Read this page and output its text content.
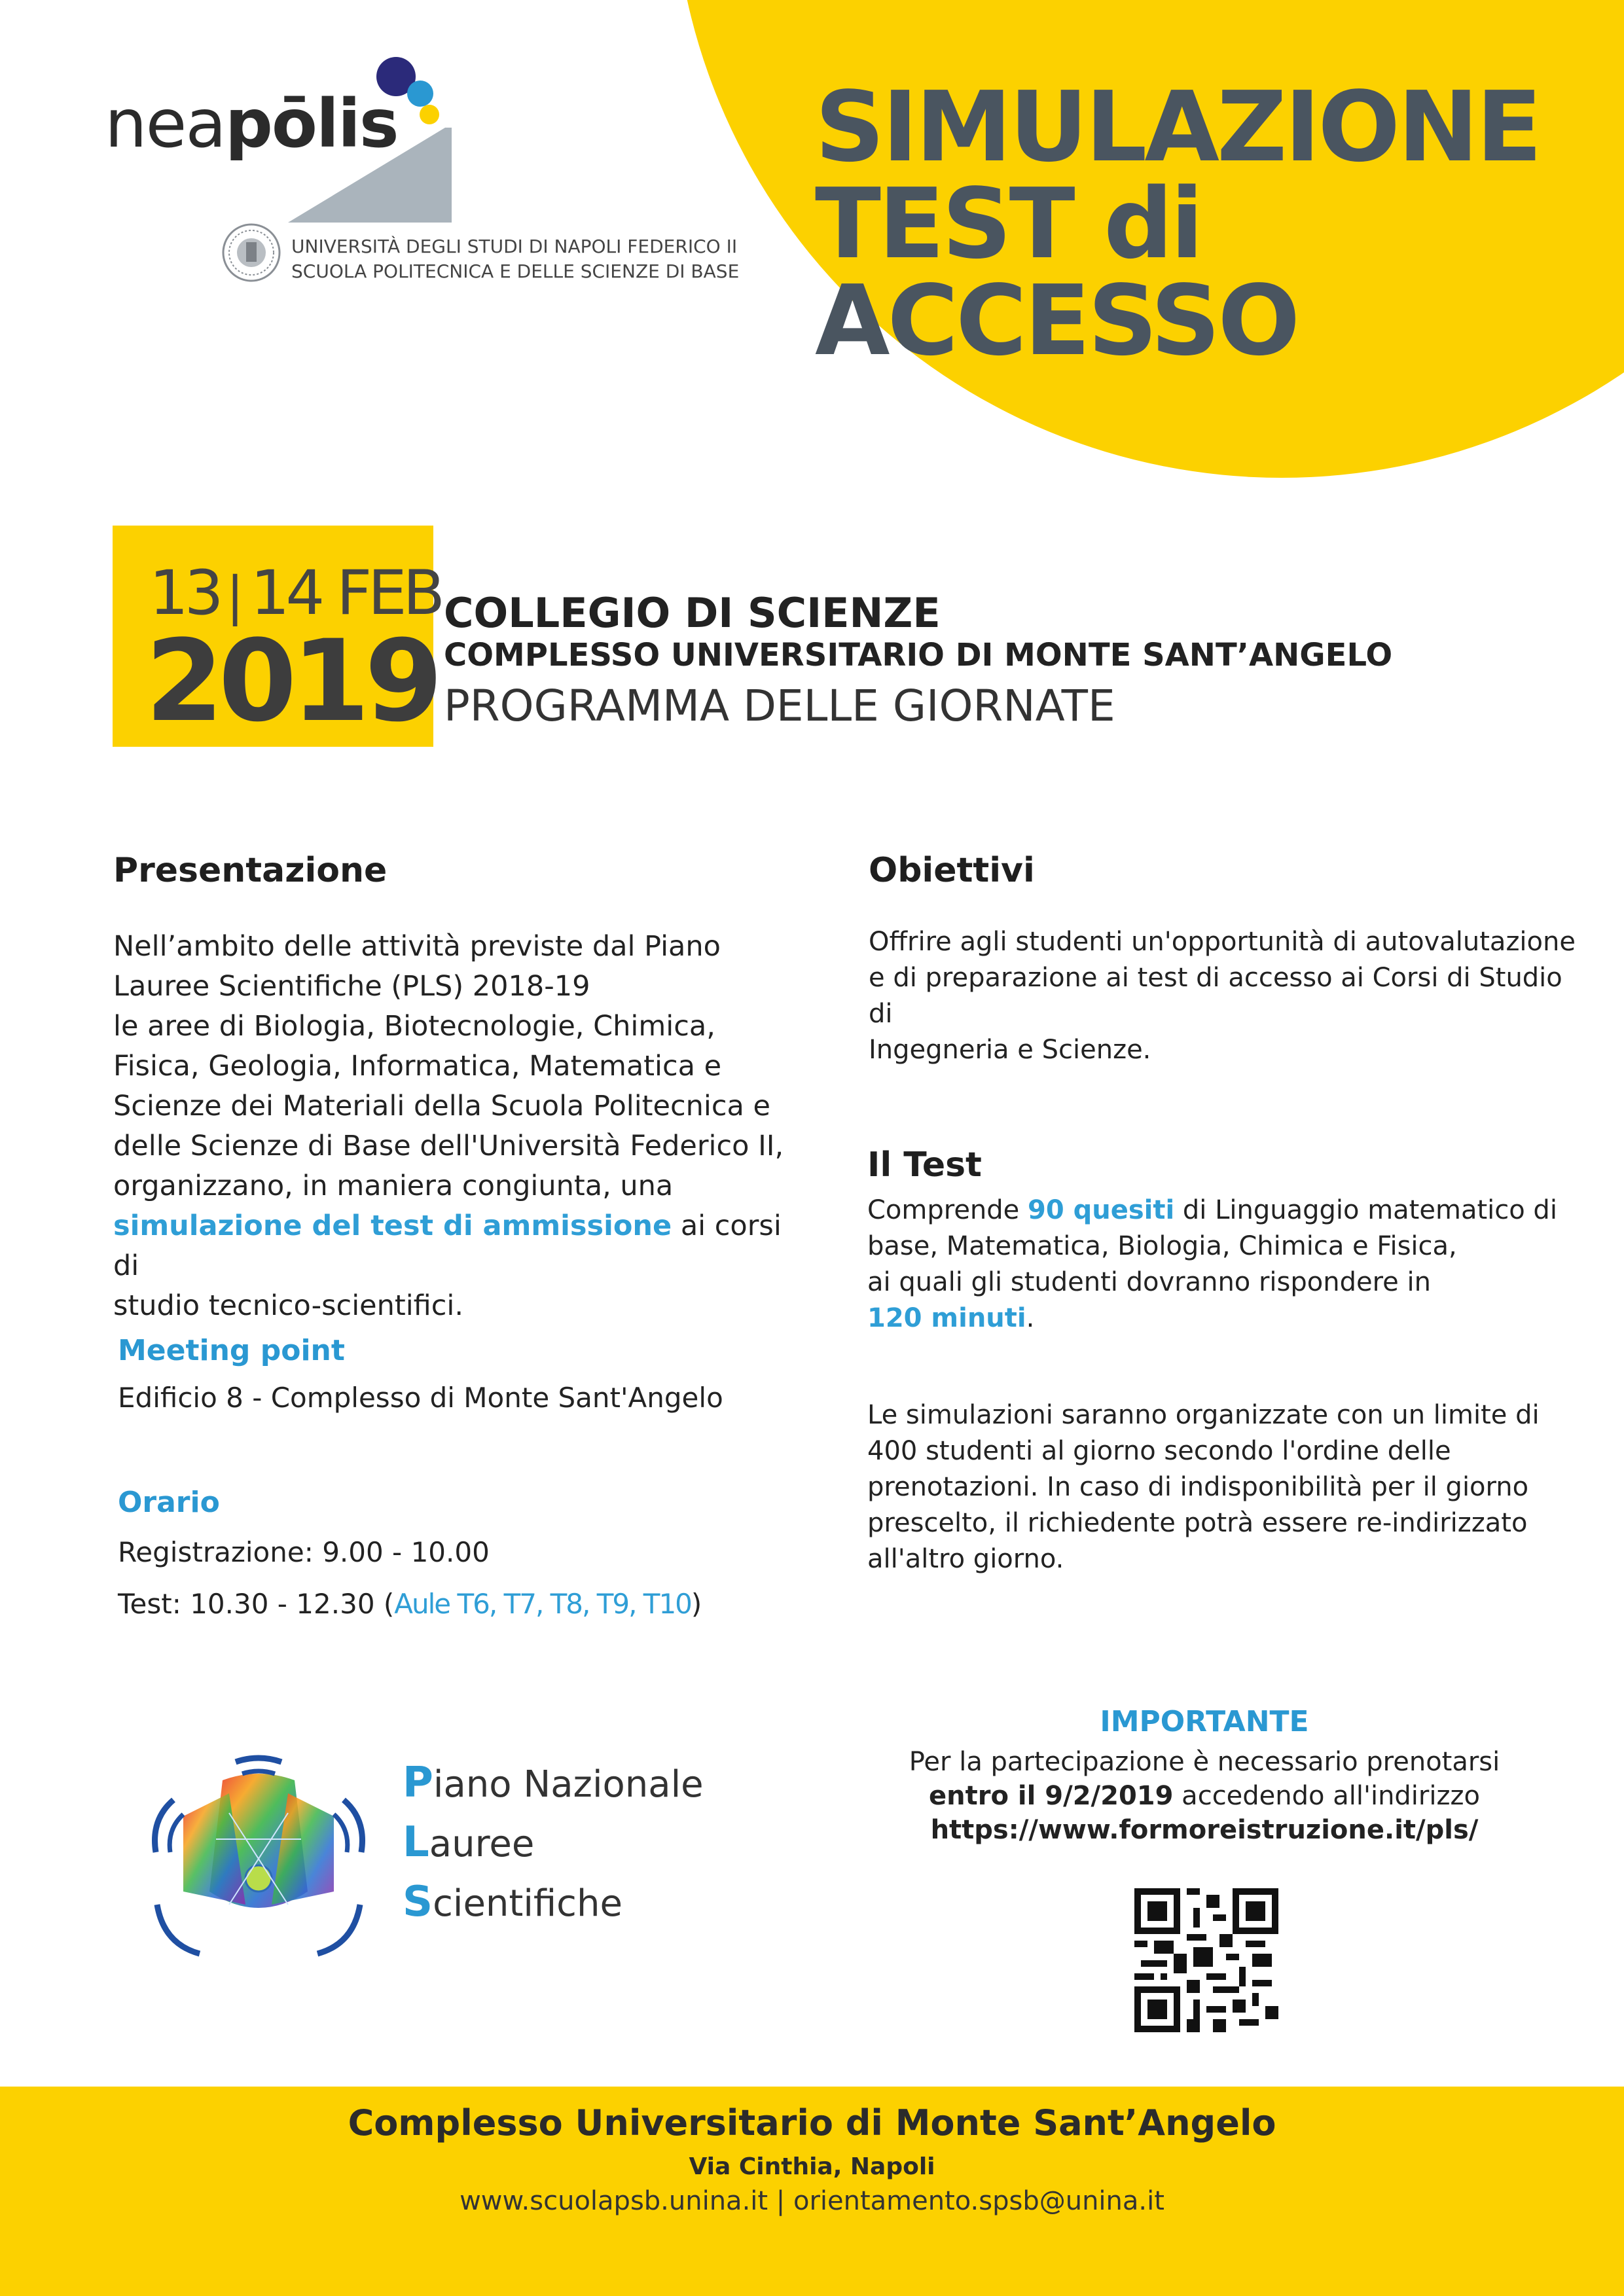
SIMULAZIONE
TEST di ACCESSO
neapōlis
UNIVERSITÀ DEGLI STUDI DI NAPOLI FEDERICO II
SCUOLA POLITECNICA E DELLE SCIENZE DI BASE
13 | 14 FEB
2019
COLLEGIO DI SCIENZE
COMPLESSO UNIVERSITARIO DI MONTE SANT’ANGELO
PROGRAMMA DELLE GIORNATE
Presentazione

Nell’ambito delle attività previste dal Piano

Lauree Scientifiche (PLS) 2018-19

le aree di Biologia, Biotecnologie, Chimica,

Fisica, Geologia, Informatica, Matematica e

Scienze dei Materiali della Scuola Politecnica e

delle Scienze di Base dell'Università Federico II,

organizzano, in maniera congiunta, una

simulazione del test di ammissione ai corsi di

studio tecnico-scientifici.

Meeting point

Edificio 8 - Complesso di Monte Sant'Angelo

Orario

Registrazione: 9.00 - 10.00

Test: 10.30 - 12.30 (Aule T6, T7, T8, T9, T10)

Obiettivi

Offrire agli studenti un'opportunità di autovalutazione

e di preparazione ai test di accesso ai Corsi di Studio di

Ingegneria e Scienze.

Il Test

Comprende 90 quesiti di Linguaggio matematico di

base, Matematica, Biologia, Chimica e Fisica,

ai quali gli studenti dovranno rispondere in

120 minuti.

Le simulazioni saranno organizzate con un limite di

400 studenti al giorno secondo l'ordine delle

prenotazioni. In caso di indisponibilità per il giorno

prescelto, il richiedente potrà essere re-indirizzato

all'altro giorno.

Piano Nazionale
Lauree
Scientifiche

IMPORTANTE

Per la partecipazione è necessario prenotarsi

entro il 9/2/2019 accedendo all'indirizzo

https://www.formoreistruzione.it/pls/

Complesso Universitario di Monte Sant’Angelo
Via Cinthia, Napoli
www.scuolapsb.unina.it | orientamento.spsb@unina.it
